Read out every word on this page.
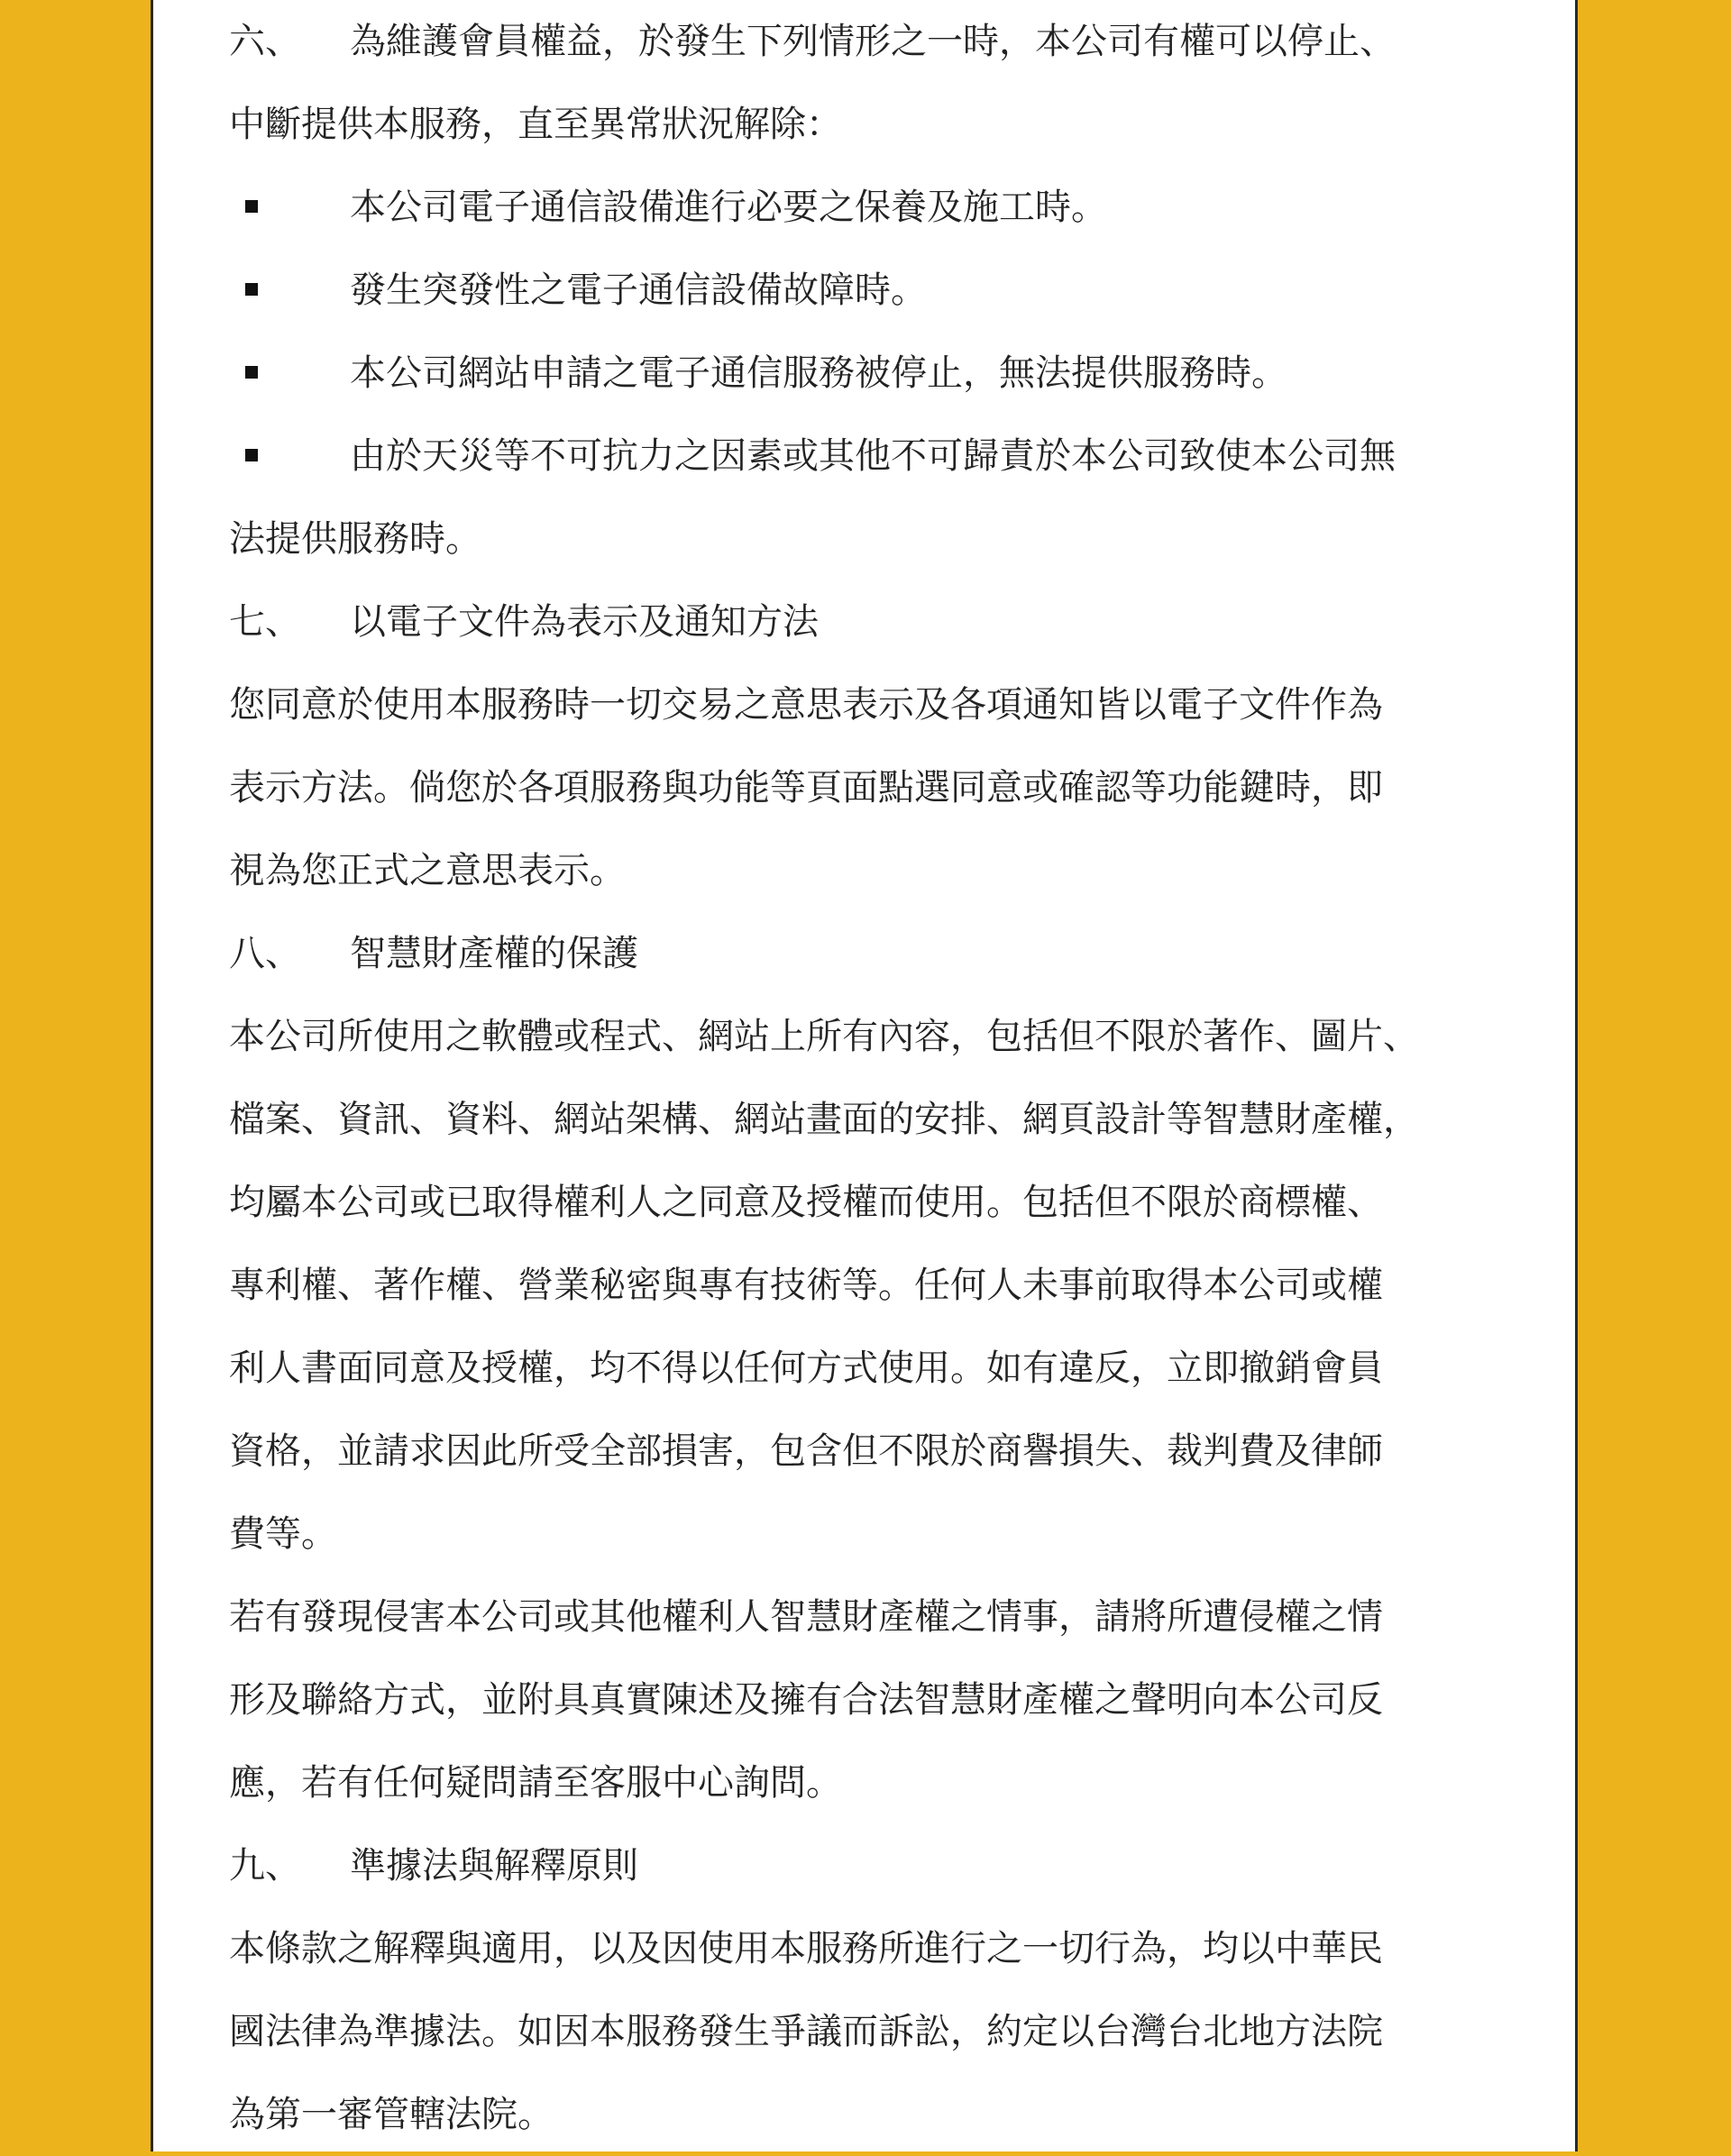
六、	為維護會員權益，於發生下列情形之一時，本公司有權可以停止、
中斷提供本服務，直至異常狀況解除：
本公司電子通信設備進行必要之保養及施工時。
發生突發性之電子通信設備故障時。
本公司網站申請之電子通信服務被停止，無法提供服務時。
由於天災等不可抗力之因素或其他不可歸責於本公司致使本公司無
法提供服務時。
七、	以電子文件為表示及通知方法
您同意於使用本服務時一切交易之意思表示及各項通知皆以電子文件作為
表示方法。倘您於各項服務與功能等頁面點選同意或確認等功能鍵時，即
視為您正式之意思表示。
八、	智慧財產權的保護
本公司所使用之軟體或程式、網站上所有內容，包括但不限於著作、圖片、
檔案、資訊、資料、網站架構、網站畫面的安排、網頁設計等智慧財產權，
均屬本公司或已取得權利人之同意及授權而使用。包括但不限於商標權、
專利權、著作權、營業秘密與專有技術等。任何人未事前取得本公司或權
利人書面同意及授權，均不得以任何方式使用。如有違反，立即撤銷會員
資格，並請求因此所受全部損害，包含但不限於商譽損失、裁判費及律師
費等。
若有發現侵害本公司或其他權利人智慧財產權之情事，請將所遭侵權之情
形及聯絡方式，並附具真實陳述及擁有合法智慧財產權之聲明向本公司反
應，若有任何疑問請至客服中心詢問。
九、	準據法與解釋原則
本條款之解釋與適用，以及因使用本服務所進行之一切行為，均以中華民
國法律為準據法。如因本服務發生爭議而訴訟，約定以台灣台北地方法院
為第一審管轄法院。
